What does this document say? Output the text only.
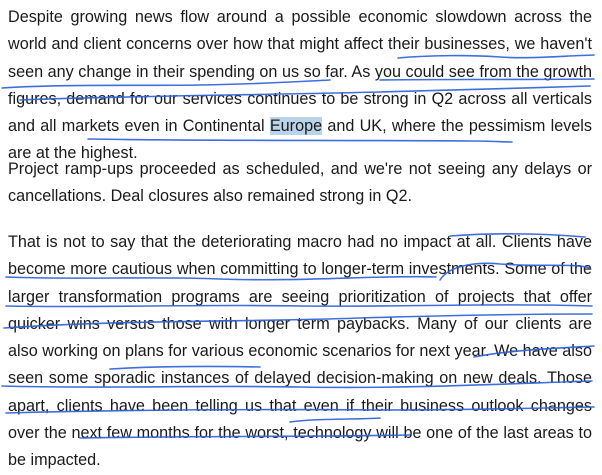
Despite growing news flow around a possible economic slowdown across the world and client concerns over how that might affect their businesses, we haven't seen any change in their spending on us so far. As you could see from the growth figures, demand for our services continues to be strong in Q2 across all verticals and all markets even in Continental Europe and UK, where the pessimism levels are at the highest.

Project ramp-ups proceeded as scheduled, and we're not seeing any delays or cancellations. Deal closures also remained strong in Q2.

That is not to say that the deteriorating macro had no impact at all. Clients have become more cautious when committing to longer-term investments. Some of the larger transformation programs are seeing prioritization of projects that offer quicker wins versus those with longer term paybacks. Many of our clients are also working on plans for various economic scenarios for next year. We have also seen some sporadic instances of delayed decision-making on new deals. Those apart, clients have been telling us that even if their business outlook changes over the next few months for the worst, technology will be one of the last areas to be impacted.
